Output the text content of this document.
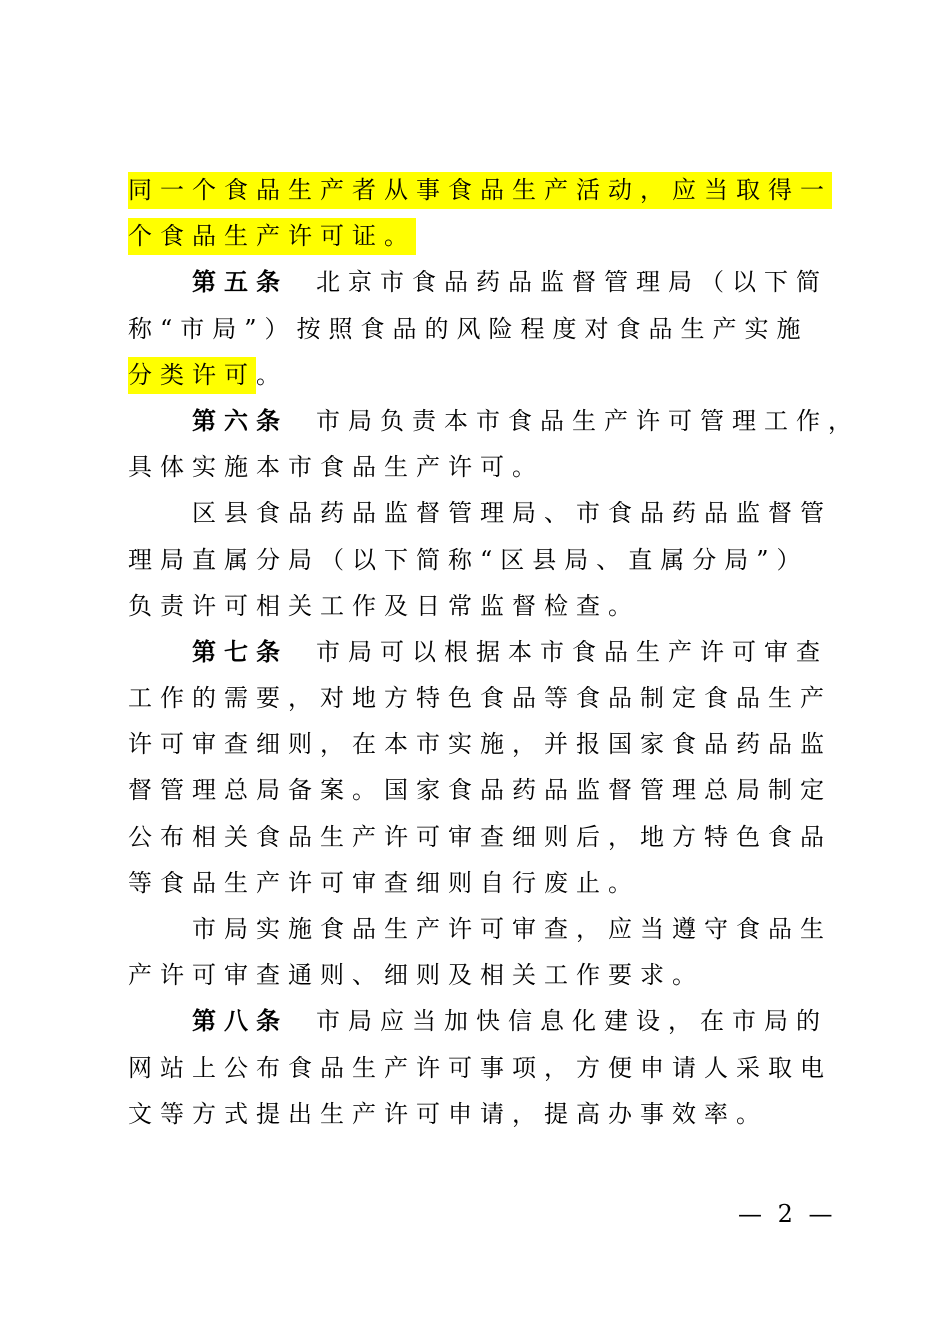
同一个食品生产者从事食品生产活动，应当取得一
个食品生产许可证。
第五条 北京市食品药品监督管理局（以下简
称“市局”）按照食品的风险程度对食品生产实施
分类许可。
第六条 市局负责本市食品生产许可管理工作，
具体实施本市食品生产许可。
区县食品药品监督管理局、市食品药品监督管
理局直属分局（以下简称“区县局、直属分局”）
负责许可相关工作及日常监督检查。
第七条 市局可以根据本市食品生产许可审查
工作的需要，对地方特色食品等食品制定食品生产
许可审查细则，在本市实施，并报国家食品药品监
督管理总局备案。国家食品药品监督管理总局制定
公布相关食品生产许可审查细则后，地方特色食品
等食品生产许可审查细则自行废止。
市局实施食品生产许可审查，应当遵守食品生
产许可审查通则、细则及相关工作要求。
第八条 市局应当加快信息化建设，在市局的
网站上公布食品生产许可事项，方便申请人采取电
文等方式提出生产许可申请，提高办事效率。
— 2 —
